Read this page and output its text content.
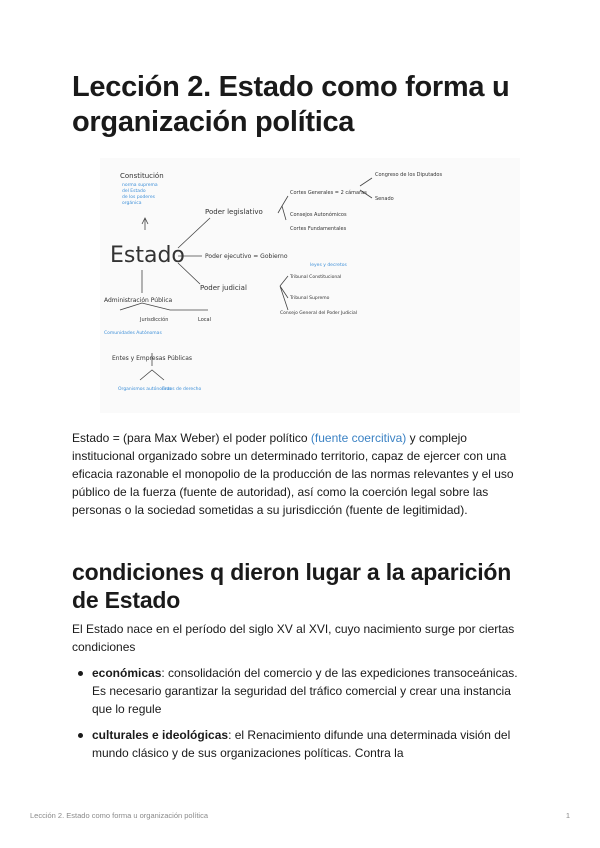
Lección 2. Estado como forma u organización política
Estado
Constitución
norma suprema
del Estado
de los poderes
orgánica
Poder legislativo
Cortes Generales = 2 cámaras
Congreso de los Diputados
Senado
Consejos Autonómicos
Cortes Fundamentales
Poder ejecutivo = Gobierno
leyes y decretos
Poder judicial
Tribunal Constitucional
Tribunal Supremo
Consejo General del Poder Judicial
Administración Pública
Jurisdicción
Comunidades Autónomas
Local
Entes y Empresas Públicas
Organismos autónomos
Entes de derecho

Estado = (para Max Weber) el poder político (fuente coercitiva) y complejo institucional organizado sobre un determinado territorio, capaz de ejercer con una eficacia razonable el monopolio de la producción de las normas relevantes y el uso público de la fuerza (fuente de autoridad), así como la coerción legal sobre las personas o la sociedad sometidas a su jurisdicción (fuente de legitimidad).

condiciones q dieron lugar a la aparición de Estado

El Estado nace en el período del siglo XV al XVI, cuyo nacimiento surge por ciertas condiciones

económicas: consolidación del comercio y de las expediciones transoceánicas. Es necesario garantizar la seguridad del tráfico comercial y crear una instancia que lo regule
culturales e ideológicas: el Renacimiento difunde una determinada visión del mundo clásico y de sus organizaciones políticas. Contra la
Lección 2. Estado como forma u organización política	1
